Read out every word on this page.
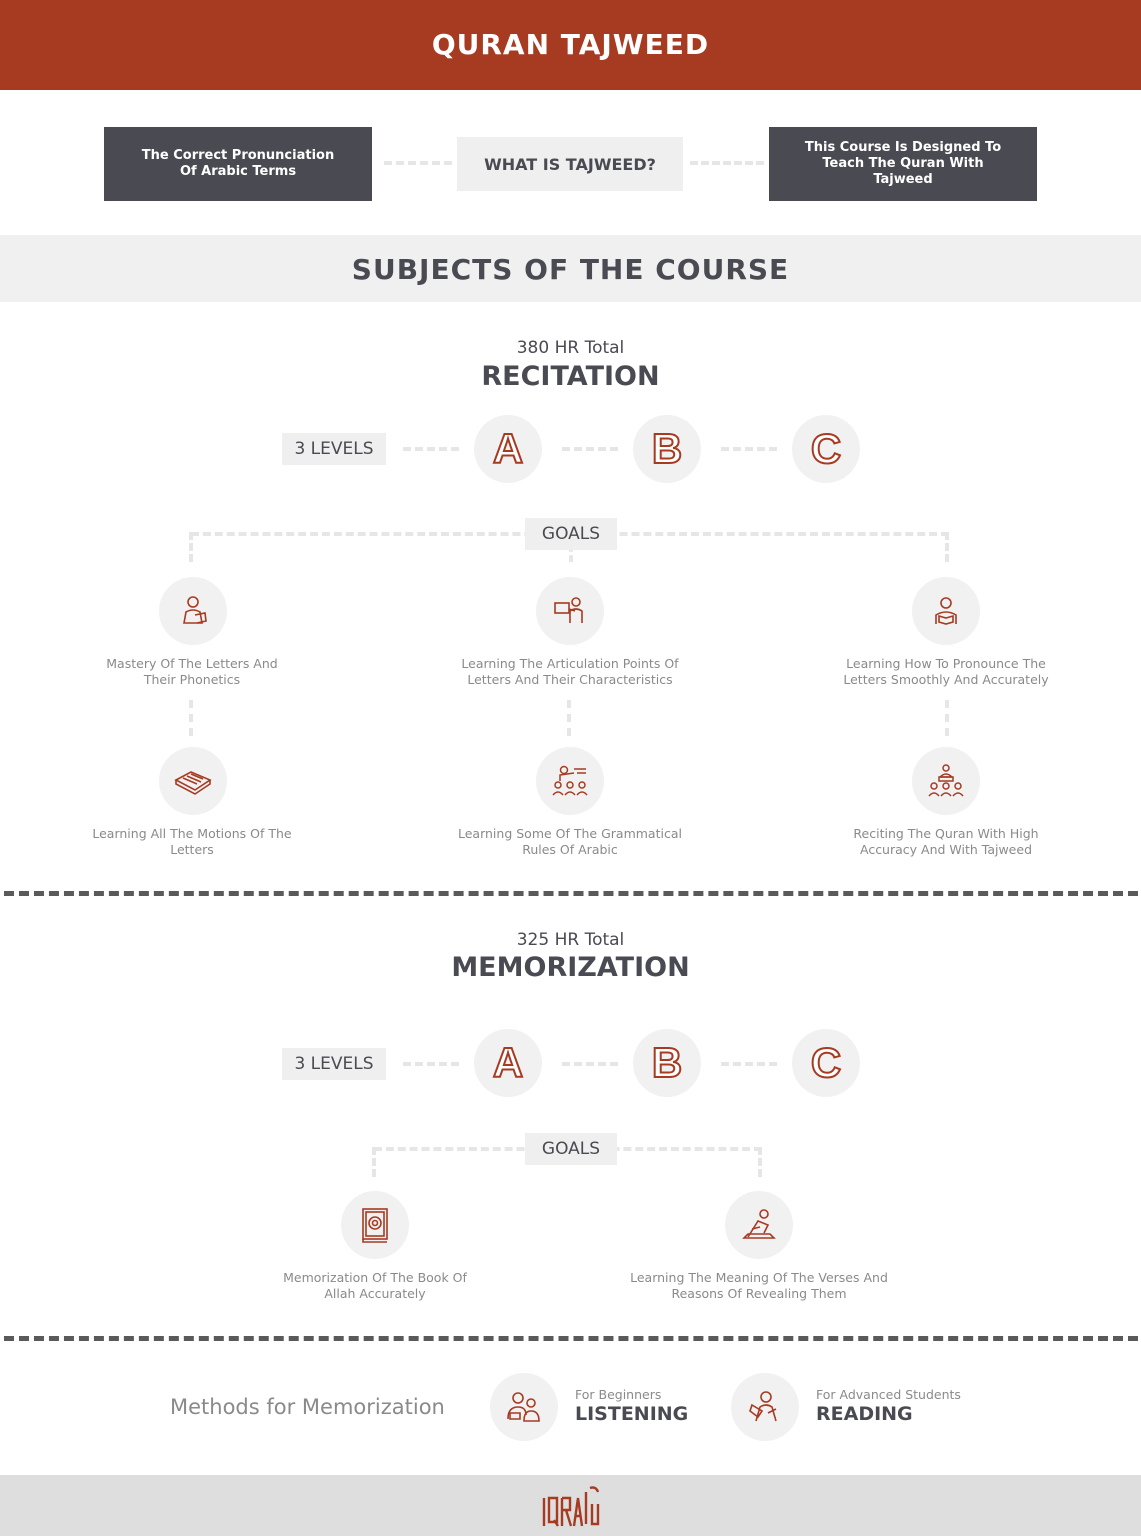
QURAN TAJWEED
The Correct Pronunciation Of Arabic Terms	WHAT IS TAJWEED?
This Course Is Designed To Teach The Quran With Tajweed
SUBJECTS OF THE COURSE
380 HR Total
RECITATION
3 LEVELS	A	B	C
GOALS
Mastery Of The Letters And Their Phonetics
Learning The Articulation Points Of Letters And Their Characteristics
Learning How To Pronounce The Letters Smoothly And Accurately
Learning All The Motions Of The Letters
Learning Some Of The Grammatical Rules Of Arabic
Reciting The Quran With High Accuracy And With Tajweed
325 HR Total
MEMORIZATION
3 LEVELS	A	B	C
GOALS
Memorization Of The Book Of Allah Accurately
Learning The Meaning Of The Verses And Reasons Of Revealing Them
Methods for Memorization
For Beginners
LISTENING
For Advanced Students
READING
